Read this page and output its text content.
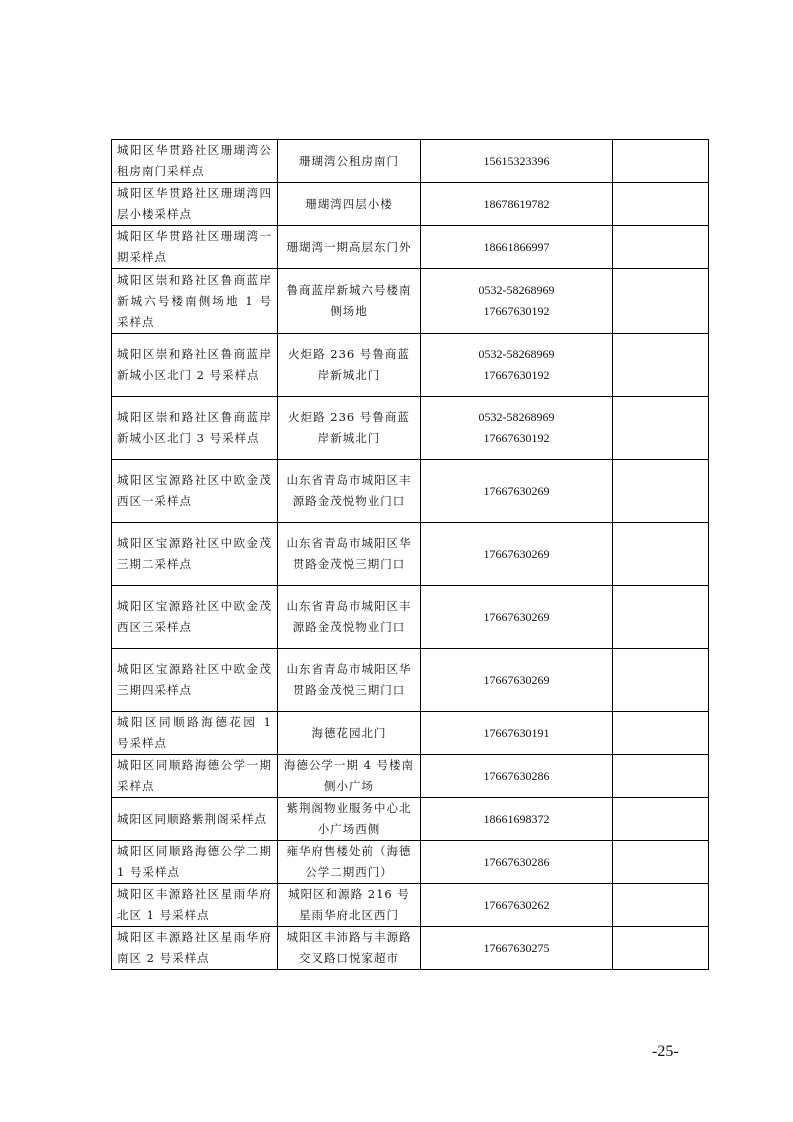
城阳区华贯路社区珊瑚湾公租房南门采样点	珊瑚湾公租房南门	15615323396	

城阳区华贯路社区珊瑚湾四层小楼采样点	珊瑚湾四层小楼	18678619782	

城阳区华贯路社区珊瑚湾一期采样点	珊瑚湾一期高层东门外	18661866997	

城阳区崇和路社区鲁商蓝岸新城六号楼南侧场地 1 号采样点	鲁商蓝岸新城六号楼南侧场地	0532-58268969
17667630192	

城阳区崇和路社区鲁商蓝岸新城小区北门 2 号采样点	火炬路 236 号鲁商蓝岸新城北门	0532-58268969
17667630192	

城阳区崇和路社区鲁商蓝岸新城小区北门 3 号采样点	火炬路 236 号鲁商蓝岸新城北门	0532-58268969
17667630192	

城阳区宝源路社区中欧金茂西区一采样点	山东省青岛市城阳区丰源路金茂悦物业门口	17667630269	

城阳区宝源路社区中欧金茂三期二采样点	山东省青岛市城阳区华贯路金茂悦三期门口	17667630269	

城阳区宝源路社区中欧金茂西区三采样点	山东省青岛市城阳区丰源路金茂悦物业门口	17667630269	

城阳区宝源路社区中欧金茂三期四采样点	山东省青岛市城阳区华贯路金茂悦三期门口	17667630269	

城阳区同顺路海德花园 1 号采样点	海德花园北门	17667630191	

城阳区同顺路海德公学一期采样点	海德公学一期 4 号楼南侧小广场	17667630286	

城阳区同顺路紫荆阁采样点	紫荆阁物业服务中心北小广场西侧	18661698372	

城阳区同顺路海德公学二期 1 号采样点	雍华府售楼处前（海德公学二期西门）	17667630286	

城阳区丰源路社区星雨华府北区 1 号采样点	城阳区和源路 216 号星雨华府北区西门	17667630262	

城阳区丰源路社区星雨华府南区 2 号采样点	城阳区丰沛路与丰源路交叉路口悦家超市	17667630275	

-25-
